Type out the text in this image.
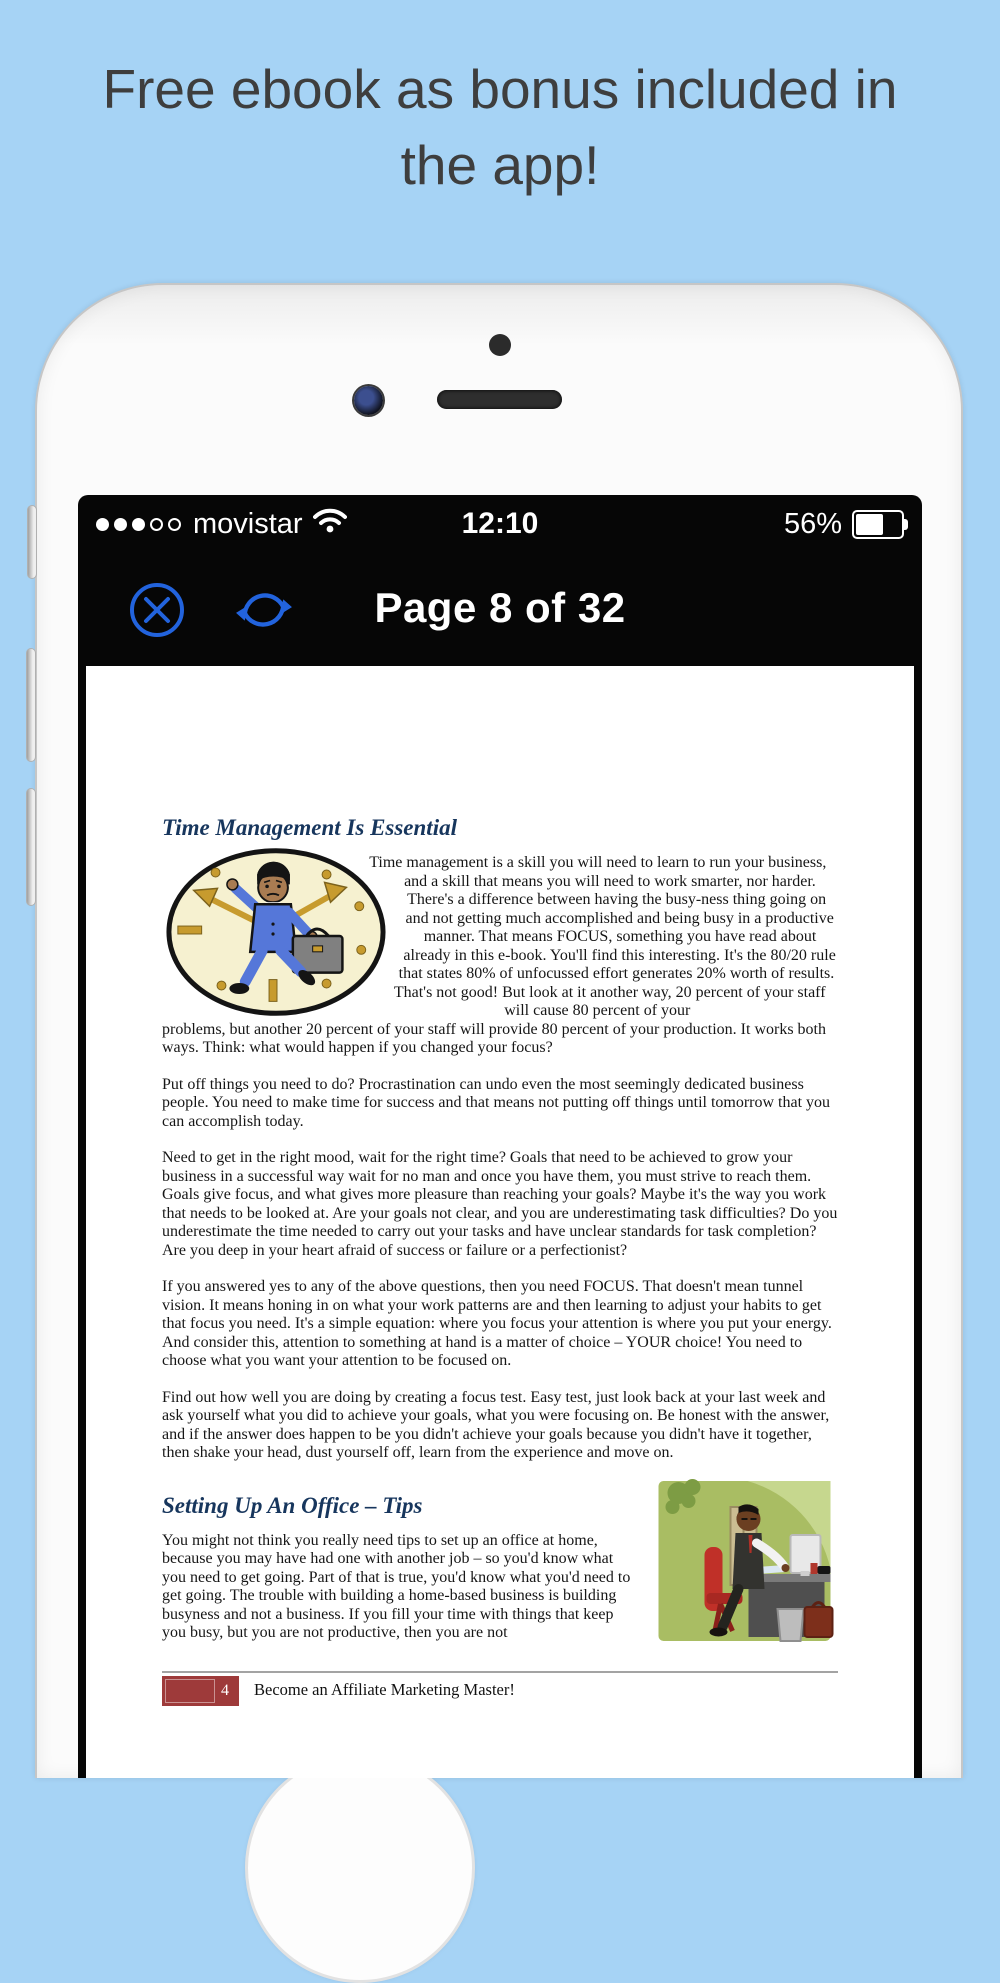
Free ebook as bonus included in the app!
movistar	12:10	56%
Page 8 of 32
Time Management Is Essential

Time management is a skill you will need to learn to run your business, and a skill that means you will need to work smarter, nor harder. There's a difference between having the busy-ness thing going on and not getting much accomplished and being busy in a productive manner. That means FOCUS, something you have read about already in this e-book. You'll find this interesting. It's the 80/20 rule that states 80% of unfocussed effort generates 20% worth of results. That's not good! But look at it another way, 20 percent of your staff will cause 80 percent of your

problems, but another 20 percent of your staff will provide 80 percent of your production. It works both ways. Think: what would happen if you changed your focus?

Put off things you need to do? Procrastination can undo even the most seemingly dedicated business people. You need to make time for success and that means not putting off things until tomorrow that you can accomplish today.

Need to get in the right mood, wait for the right time? Goals that need to be achieved to grow your business in a successful way wait for no man and once you have them, you must strive to reach them. Goals give focus, and what gives more pleasure than reaching your goals? Maybe it's the way you work that needs to be looked at. Are your goals not clear, and you are underestimating task difficulties? Do you underestimate the time needed to carry out your tasks and have unclear standards for task completion? Are you deep in your heart afraid of success or failure or a perfectionist?

If you answered yes to any of the above questions, then you need FOCUS. That doesn't mean tunnel vision. It means honing in on what your work patterns are and then learning to adjust your habits to get that focus you need. It's a simple equation: where you focus your attention is where you put your energy. And consider this, attention to something at hand is a matter of choice – YOUR choice! You need to choose what you want your attention to be focused on.

Find out how well you are doing by creating a focus test. Easy test, just look back at your last week and ask yourself what you did to achieve your goals, what you were focusing on. Be honest with the answer, and if the answer does happen to be you didn't achieve your goals because you didn't have it together, then shake your head, dust yourself off, learn from the experience and move on.

Setting Up An Office – Tips

You might not think you really need tips to set up an office at home, because you may have had one with another job – so you'd know what you need to get going. Part of that is true, you'd know what you'd need to get going. The trouble with building a home-based business is building busyness and not a business. If you fill your time with things that keep you busy, but you are not productive, then you are not

4	Become an Affiliate Marketing Master!
